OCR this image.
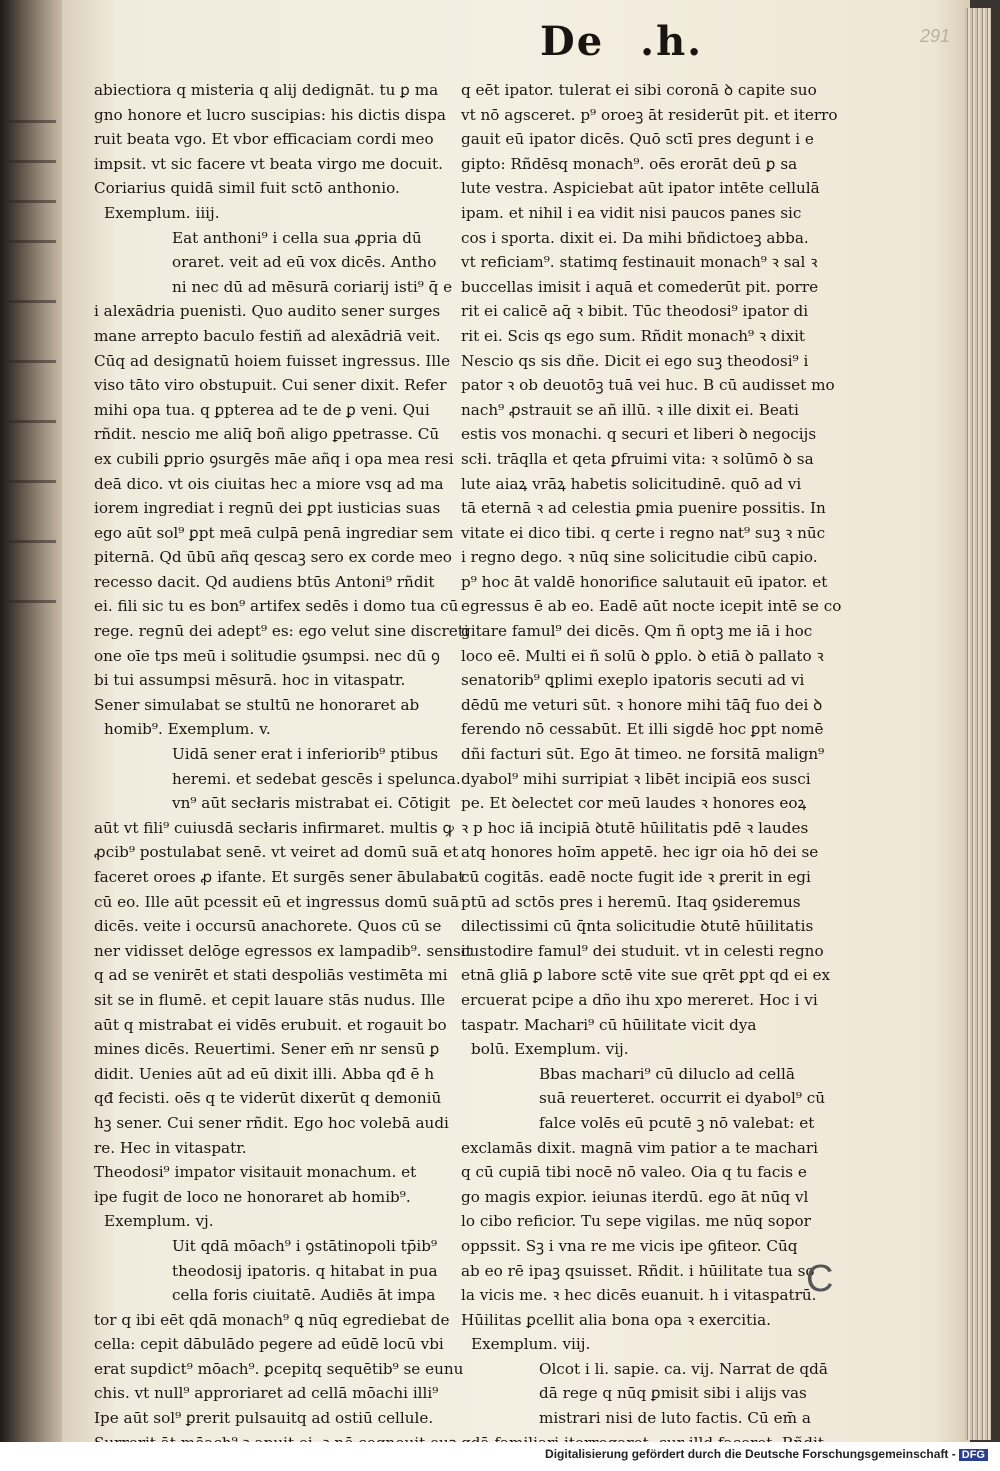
De .h.	291
abiectiora q misteria q alij dedignāt. tu ꝑ ma
gno honore et lucro suscipias: his dictis dispa
ruit beata vgo. Et vbor efficaciam cordi meo
impsit. vt sic facere vt beata virgo me docuit.
Coriarius quidā simil fuit sctō anthonio.
Exemplum. iiij.
Eat anthoni⁹ i cella sua ꝓpria dū
oraret. veit ad eū vox dicēs. Antho
ni nec dū ad mēsurā coriarij isti⁹ q̄ e
i alexādria puenisti. Quo audito sener surges
mane arrepto baculo festiñ ad alexādriā veit.
Cūq ad designatū hoiem fuisset ingressus. Ille
viso tāto viro obstupuit. Cui sener dixit. Refer
mihi opa tua. q ꝑpterea ad te de ꝑ veni. Qui
rñdit. nescio me aliq̄ boñ aligo ꝑpetrasse. Cū
ex cubili ꝑprio ꝯsurgēs māe añq i opa mea resi
deā dico. vt ois ciuitas hec a miore vsq ad ma
iorem ingrediat i regnū dei ꝑpt iusticias suas
ego aūt sol⁹ ꝑpt meā culpā penā ingrediar sem
piternā. Qd ūbū añq qescaꝫ sero ex corde meo
recesso dacit. Qd audiens btūs Antoni⁹ rñdit
ei. fili sic tu es bon⁹ artifex sedēs i domo tua cū
rege. regnū dei adept⁹ es: ego velut sine discreti
one oīe tps meū i solitudie ꝯsumpsi. nec dū ꝯ
bi tui assumpsi mēsurā. hoc in vitaspatr.
Sener simulabat se stultū ne honoraret ab
homib⁹. Exemplum. v.
Uidā sener erat i inferiorib⁹ ptibus
heremi. et sedebat gescēs i spelunca.
vn⁹ aūt secłaris mistrabat ei. Cōtigit
aūt vt fili⁹ cuiusdā secłaris infirmaret. multis ꝙ
ꝓcib⁹ postulabat senē. vt veiret ad domū suā et
faceret oroes ꝓ ifante. Et surgēs sener ābulabat
cū eo. Ille aūt pcessit eū et ingressus domū suā
dicēs. veite i occursū anachorete. Quos cū se
ner vidisset delōge egressos ex lampadib⁹. sensit
q ad se venirēt et stati despoliās vestimēta mi
sit se in flumē. et cepit lauare stās nudus. Ille
aūt q mistrabat ei vidēs erubuit. et rogauit bo
mines dicēs. Reuertimi. Sener em̄ nr sensū ꝑ
didit. Uenies aūt ad eū dixit illi. Abba qđ ē h
qđ fecisti. oēs q te viderūt dixerūt q demoniū
hꝫ sener. Cui sener rñdit. Ego hoc volebā audi
re. Hec in vitaspatr.
Theodosi⁹ impator visitauit monachum. et
ipe fugit de loco ne honoraret ab homib⁹.
Exemplum. vj.
Uit qdā mōach⁹ i ꝯstātinopoli tp̄ib⁹
theodosij ipatoris. q hitabat in pua
cella foris ciuitatē. Audiēs āt impa
tor q ibi eēt qdā monach⁹ ꝗ nūq egrediebat de
cella: cepit dābulādo pegere ad eūdē locū vbi
erat supdict⁹ mōach⁹. ꝑcepitq sequētib⁹ se eunu
chis. vt null⁹ approriaret ad cellā mōachi illi⁹
Ipe aūt sol⁹ ꝑrerit pulsauitq ad ostiū cellule.
q eēt ipator. tulerat ei sibi coronā ꝺ capite suo
vt nō agsceret. p⁹ oroeꝫ āt residerūt pit. et iterro
gauit eū ipator dicēs. Quō sctī pres degunt i e
gipto: Rñdēsq monach⁹. oēs erorāt deū ꝑ sa
lute vestra. Aspiciebat aūt ipator intēte cellulā
ipam. et nihil i ea vidit nisi paucos panes sic
cos i sporta. dixit ei. Da mihi bñdictoeꝫ abba.
vt reficiam⁹. statimq festinauit monach⁹ ꝛ sal ꝛ
buccellas imisit i aquā et comederūt pit. porre
rit ei calicē aq̄ ꝛ bibit. Tūc theodosi⁹ ipator di
rit ei. Scis qs ego sum. Rñdit monach⁹ ꝛ dixit
Nescio qs sis dñe. Dicit ei ego suꝫ theodosi⁹ i
pator ꝛ ob deuotōꝫ tuā vei huc. B cū audisset mo
nach⁹ ꝓstrauit se añ illū. ꝛ ille dixit ei. Beati
estis vos monachi. q securi et liberi ꝺ negocijs
scłi. trāqlla et qeta ꝑfruimi vita: ꝛ solūmō ꝺ sa
lute aiaꝝ vrāꝝ habetis solicitudinē. quō ad vi
tā eternā ꝛ ad celestia ꝑmia puenire possitis. In
vitate ei dico tibi. q certe i regno nat⁹ suꝫ ꝛ nūc
i regno dego. ꝛ nūq sine solicitudie cibū capio.
p⁹ hoc āt valdē honorifice salutauit eū ipator. et
egressus ē ab eo. Eadē aūt nocte icepit intē se co
gitare famul⁹ dei dicēs. Qm ñ optꝫ me iā i hoc
loco eē. Multi ei ñ solū ꝺ ꝑplo. ꝺ etiā ꝺ pallato ꝛ
senatorib⁹ ꝗplimi exeplo ipatoris secuti ad vi
dēdū me veturi sūt. ꝛ honore mihi tāq̄ fuo dei ꝺ
ferendo nō cessabūt. Et illi sigdē hoc ꝑpt nomē
dñi facturi sūt. Ego āt timeo. ne forsitā malign⁹
dyabol⁹ mihi surripiat ꝛ libēt incipiā eos susci
pe. Et ꝺelectet cor meū laudes ꝛ honores eoꝝ
ꝛ p hoc iā incipiā ꝺtutē hūilitatis pdē ꝛ laudes
atq honores hoīm appetē. hec igr oia hō dei se
cū cogitās. eadē nocte fugit ide ꝛ ꝑrerit in egi
ptū ad sctōs pres i heremū. Itaq ꝯsideremus
dilectissimi cū q̄nta solicitudie ꝺtutē hūilitatis
custodire famul⁹ dei studuit. vt in celesti regno
etnā gliā ꝑ labore sctē vite sue qrēt ꝑpt qd ei ex
ercuerat pcipe a dño ihu xpo mereret. Hoc i vi
taspatr. Machari⁹ cū hūilitate vicit dya
bolū. Exemplum. vij.
Bbas machari⁹ cū diluclo ad cellā
suā reuerteret. occurrit ei dyabol⁹ cū
falce volēs eū pcutē ꝫ nō valebat: et
exclamās dixit. magnā vim patior a te machari
q cū cupiā tibi nocē nō valeo. Oia q tu facis e
go magis expior. ieiunas iterdū. ego āt nūq vl
lo cibo reficior. Tu sepe vigilas. me nūq sopor
oppssit. Sꝫ i vna re me vicis ipe ꝯfiteor. Cūq
ab eo rē ipaꝫ qsuisset. Rñdit. i hūilitate tua so
la vicis me. ꝛ hec dicēs euanuit. h i vitaspatrū.
Hūilitas ꝑcellit alia bona opa ꝛ exercitia.
Exemplum. viij.
Olcot i li. sapie. ca. vij. Narrat de qdā
dā rege q nūq ꝑmisit sibi i alijs vas
mistrari nisi de luto factis. Cū em̄ a
C
Digitalisierung gefördert durch die Deutsche Forschungsgemeinschaft - DFG
